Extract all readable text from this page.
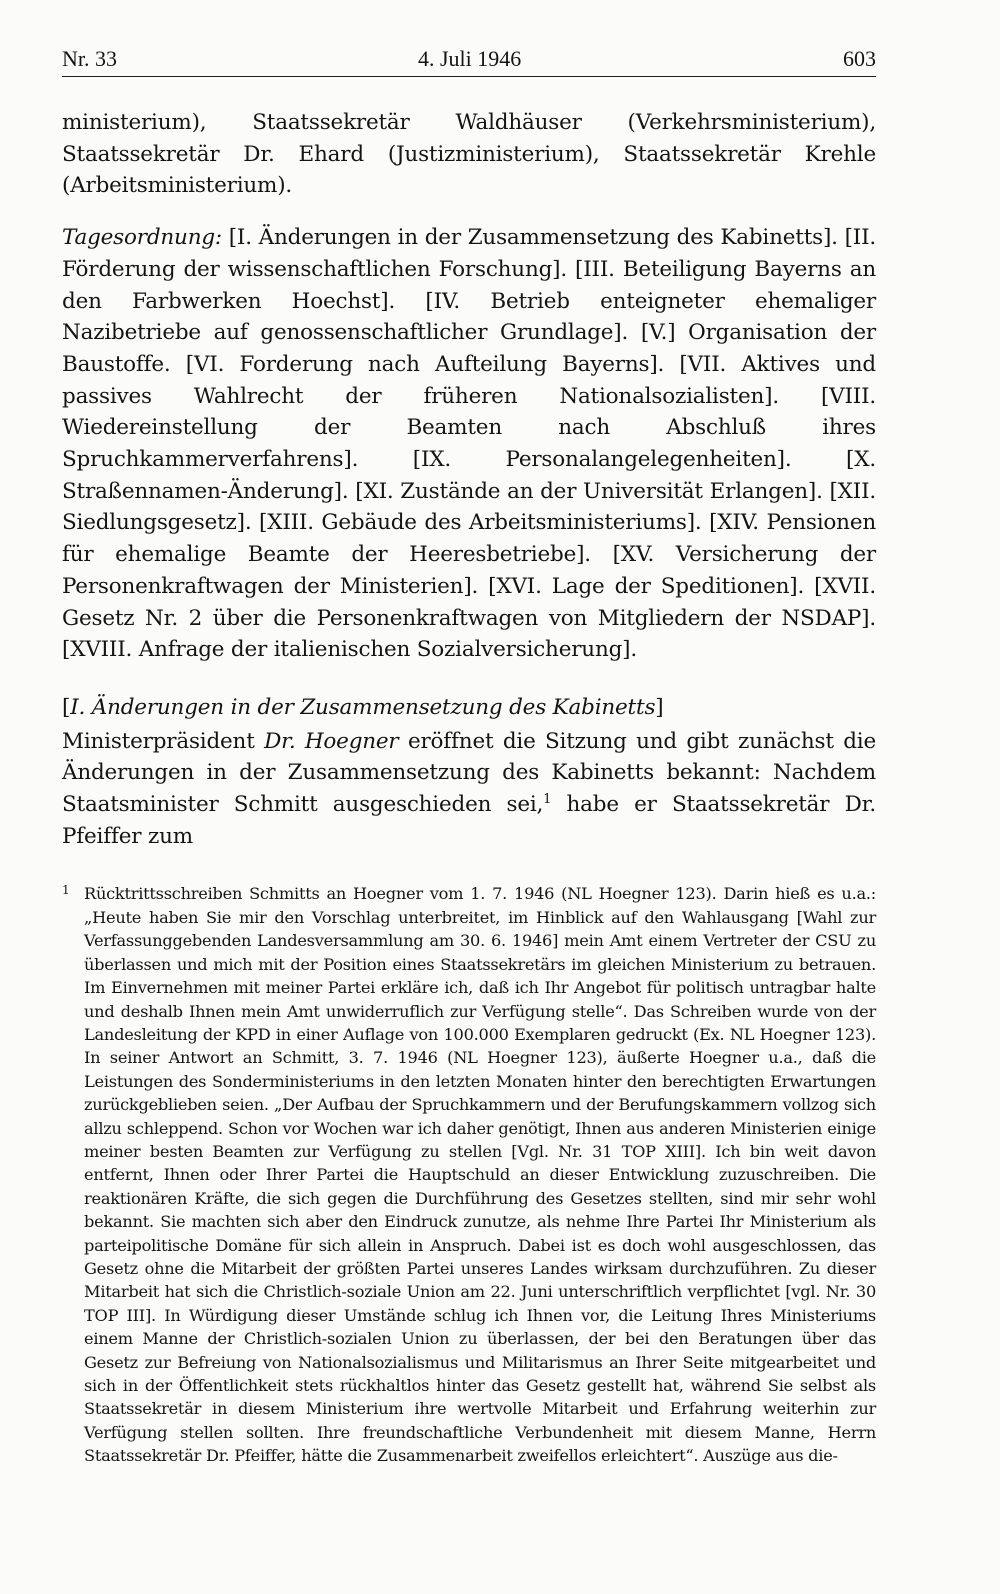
Nr. 33	4. Juli 1946	603

ministerium), Staatssekretär Waldhäuser (Verkehrsministerium), Staatssekretär Dr. Ehard (Justizministerium), Staatssekretär Krehle (Arbeitsministerium).

Tagesordnung: [I. Änderungen in der Zusammensetzung des Kabinetts]. [II. Förderung der wissenschaftlichen Forschung]. [III. Beteiligung Bayerns an den Farbwerken Hoechst]. [IV. Betrieb enteigneter ehemaliger Nazibetriebe auf genossenschaftlicher Grundlage]. [V.] Organisation der Baustoffe. [VI. Forderung nach Aufteilung Bayerns]. [VII. Aktives und passives Wahlrecht der früheren Nationalsozialisten]. [VIII. Wiedereinstellung der Beamten nach Abschluß ihres Spruchkammerverfahrens]. [IX. Personalangelegenheiten]. [X. Straßennamen-Änderung]. [XI. Zustände an der Universität Erlangen]. [XII. Siedlungsgesetz]. [XIII. Gebäude des Arbeitsministeriums]. [XIV. Pensionen für ehemalige Beamte der Heeresbetriebe]. [XV. Versicherung der Personenkraftwagen der Ministerien]. [XVI. Lage der Speditionen]. [XVII. Gesetz Nr. 2 über die Personenkraftwagen von Mitgliedern der NSDAP]. [XVIII. Anfrage der italienischen Sozialversicherung].

[I. Änderungen in der Zusammensetzung des Kabinetts]

Ministerpräsident Dr. Hoegner eröffnet die Sitzung und gibt zunächst die Änderungen in der Zusammensetzung des Kabinetts bekannt: Nachdem Staatsminister Schmitt ausgeschieden sei,$^1$ habe er Staatssekretär Dr. Pfeiffer zum

1 Rücktrittsschreiben Schmitts an Hoegner vom 1. 7. 1946 (NL Hoegner 123). Darin hieß es u.a.: „Heute haben Sie mir den Vorschlag unterbreitet, im Hinblick auf den Wahlausgang [Wahl zur Verfassunggebenden Landesversammlung am 30. 6. 1946] mein Amt einem Vertreter der CSU zu überlassen und mich mit der Position eines Staatssekretärs im gleichen Ministerium zu betrauen. Im Einvernehmen mit meiner Partei erkläre ich, daß ich Ihr Angebot für politisch untragbar halte und deshalb Ihnen mein Amt unwiderruflich zur Verfügung stelle“. Das Schreiben wurde von der Landesleitung der KPD in einer Auflage von 100.000 Exemplaren gedruckt (Ex. NL Hoegner 123). In seiner Antwort an Schmitt, 3. 7. 1946 (NL Hoegner 123), äußerte Hoegner u.a., daß die Leistungen des Sonderministeriums in den letzten Monaten hinter den berechtigten Erwartungen zurückgeblieben seien. „Der Aufbau der Spruchkammern und der Berufungskammern vollzog sich allzu schleppend. Schon vor Wochen war ich daher genötigt, Ihnen aus anderen Ministerien einige meiner besten Beamten zur Verfügung zu stellen [Vgl. Nr. 31 TOP XIII]. Ich bin weit davon entfernt, Ihnen oder Ihrer Partei die Hauptschuld an dieser Entwicklung zuzuschreiben. Die reaktionären Kräfte, die sich gegen die Durchführung des Gesetzes stellten, sind mir sehr wohl bekannt. Sie machten sich aber den Eindruck zunutze, als nehme Ihre Partei Ihr Ministerium als parteipolitische Domäne für sich allein in Anspruch. Dabei ist es doch wohl ausgeschlossen, das Gesetz ohne die Mitarbeit der größten Partei unseres Landes wirksam durchzuführen. Zu dieser Mitarbeit hat sich die Christlich-soziale Union am 22. Juni unterschriftlich verpflichtet [vgl. Nr. 30 TOP III]. In Würdigung dieser Umstände schlug ich Ihnen vor, die Leitung Ihres Ministeriums einem Manne der Christlich-sozialen Union zu überlassen, der bei den Beratungen über das Gesetz zur Befreiung von Nationalsozialismus und Militarismus an Ihrer Seite mitgearbeitet und sich in der Öffentlichkeit stets rückhaltlos hinter das Gesetz gestellt hat, während Sie selbst als Staatssekretär in diesem Ministerium ihre wertvolle Mitarbeit und Erfahrung weiterhin zur Verfügung stellen sollten. Ihre freundschaftliche Verbundenheit mit diesem Manne, Herrn Staatssekretär Dr. Pfeiffer, hätte die Zusammenarbeit zweifellos erleichtert“. Auszüge aus die-
